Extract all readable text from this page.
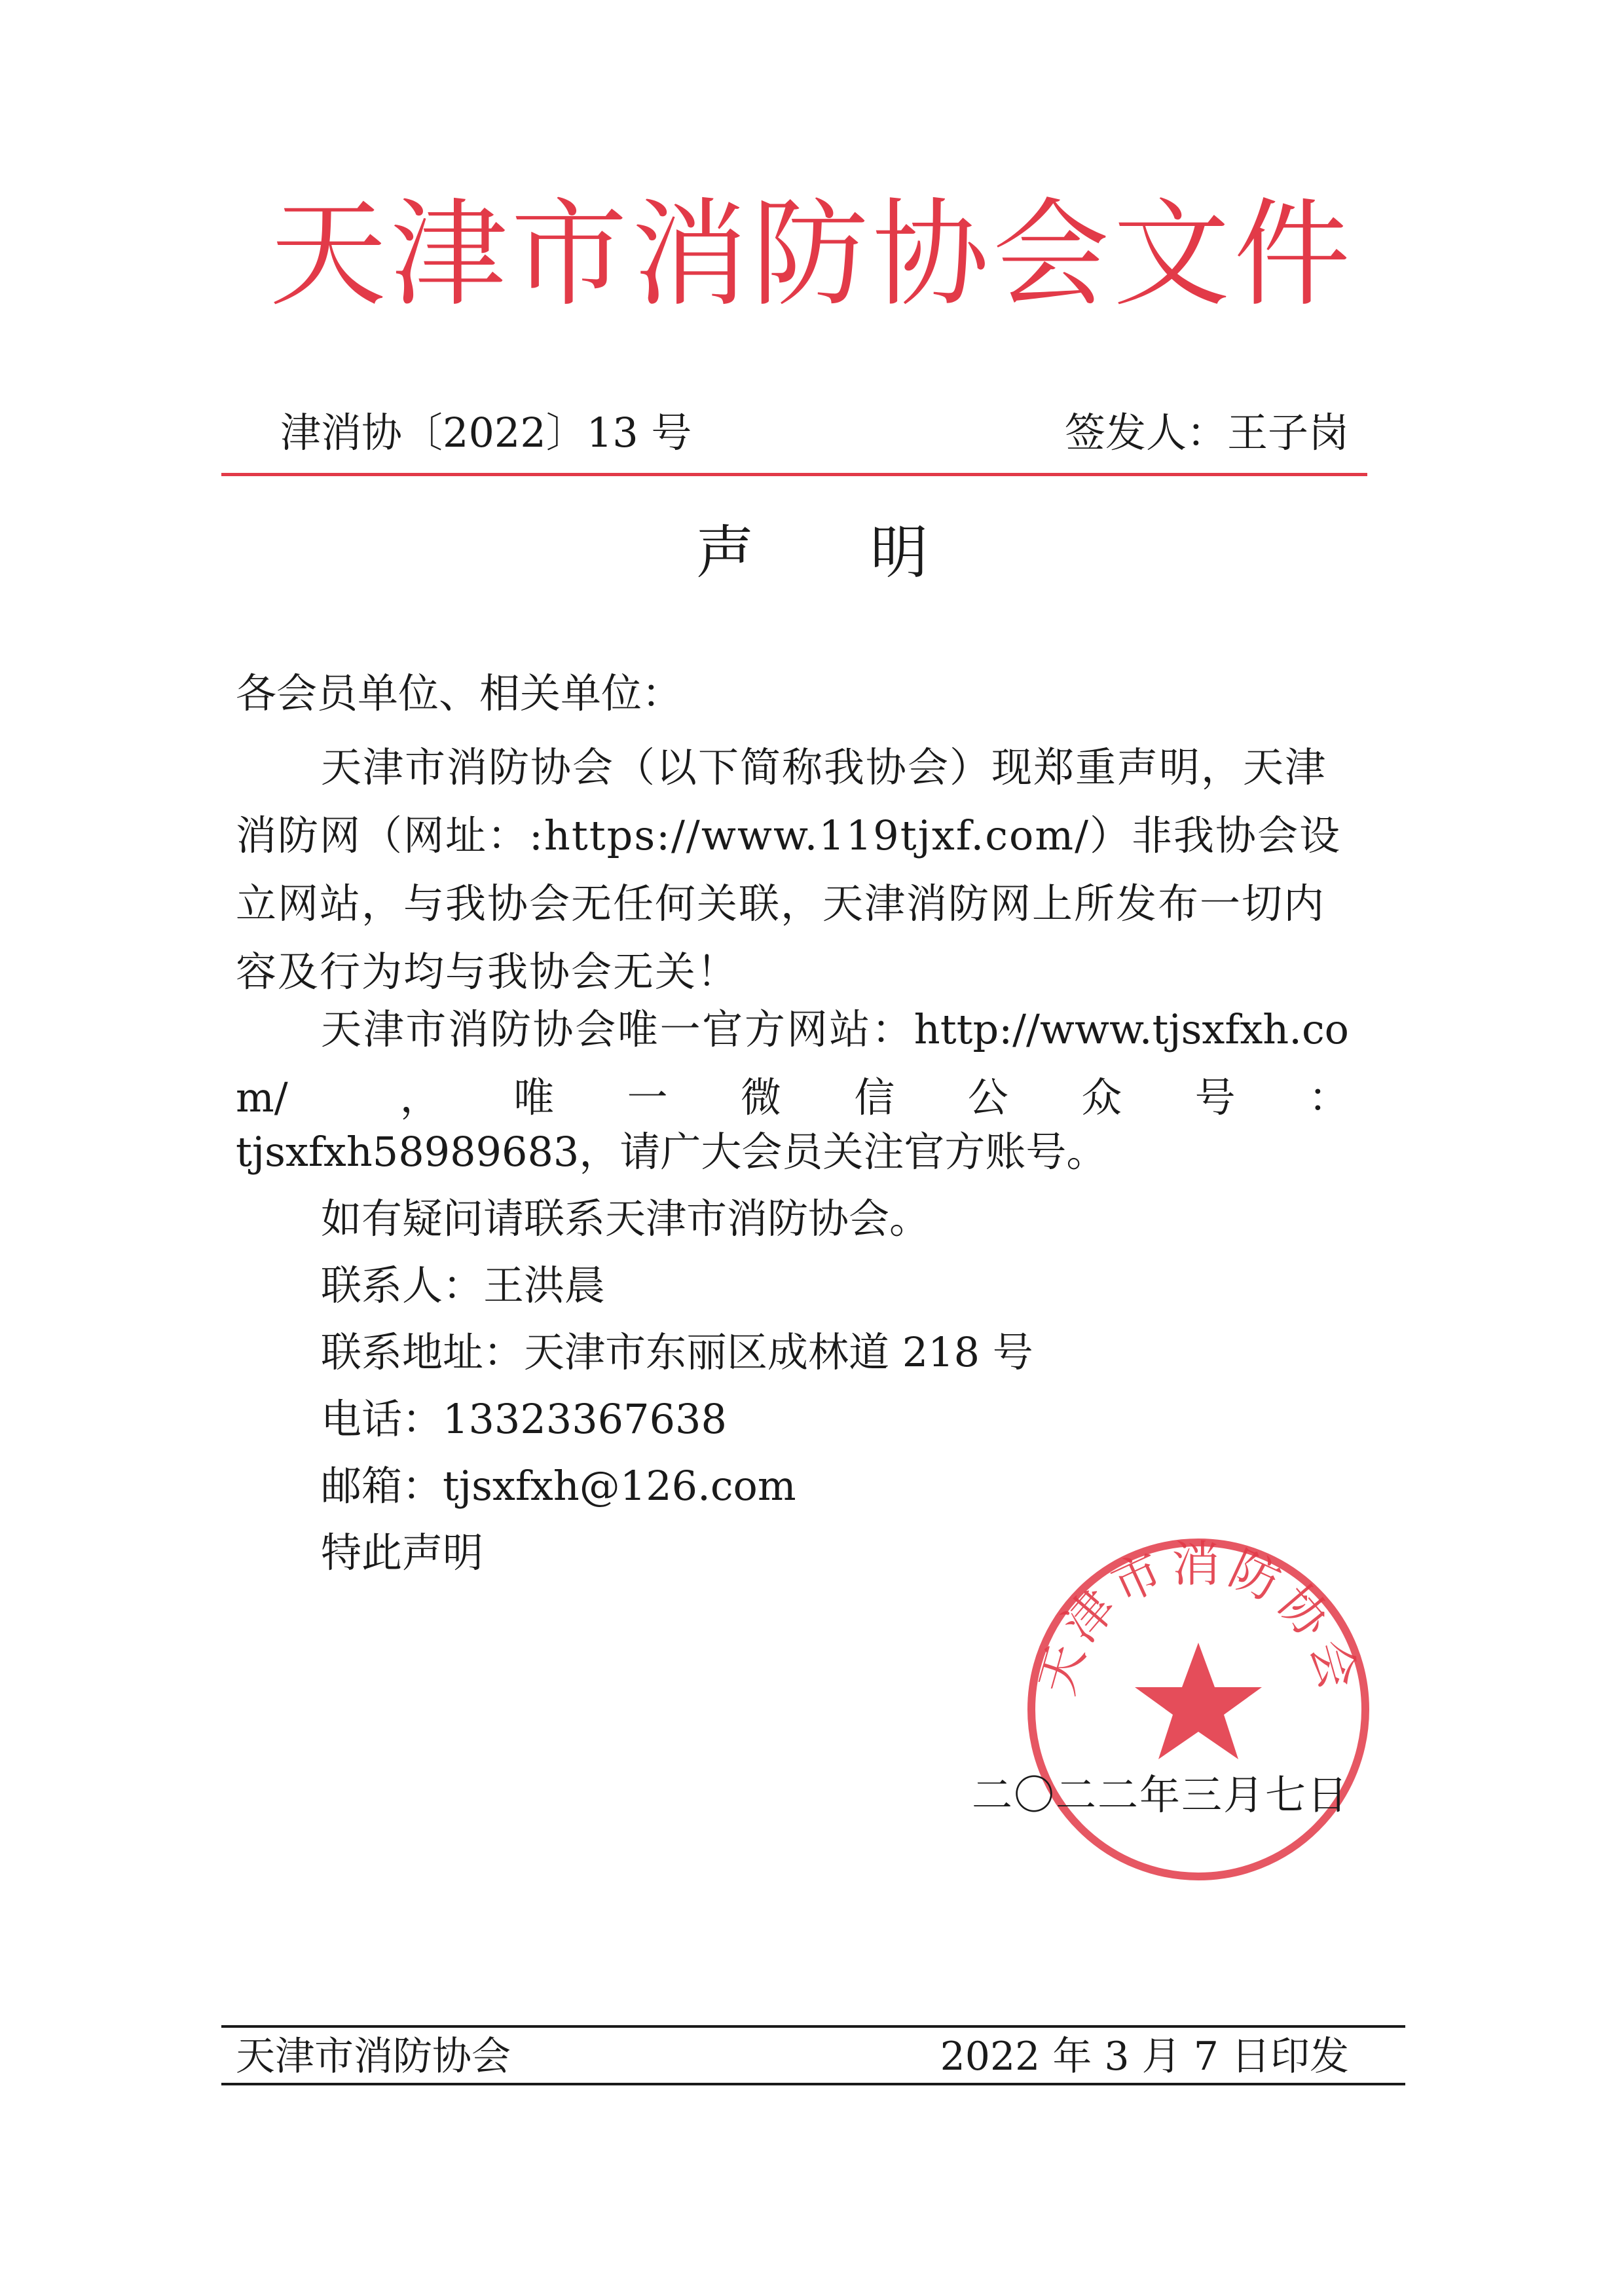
天津市消防协会文件
津消协〔2022〕13 号	签发人：王子岗
声 明
各会员单位、相关单位：
天津市消防协会（以下简称我协会）现郑重声明，天津消防网（网址：:https://www.119tjxf.com/）非我协会设立网站，与我协会无任何关联，天津消防网上所发布一切内容及行为均与我协会无关！
天津市消防协会唯一官方网站：http://www.tjsxfxh.com/ ，唯一微信公众号：
tjsxfxh58989683，请广大会员关注官方账号。
如有疑问请联系天津市消防协会。
联系人：王洪晨
联系地址：天津市东丽区成林道 218 号
电话：13323367638
邮箱：tjsxfxh@126.com
特此声明
天津市消防协会
二〇二二年三月七日
天津市消防协会	2022 年 3 月 7 日印发
